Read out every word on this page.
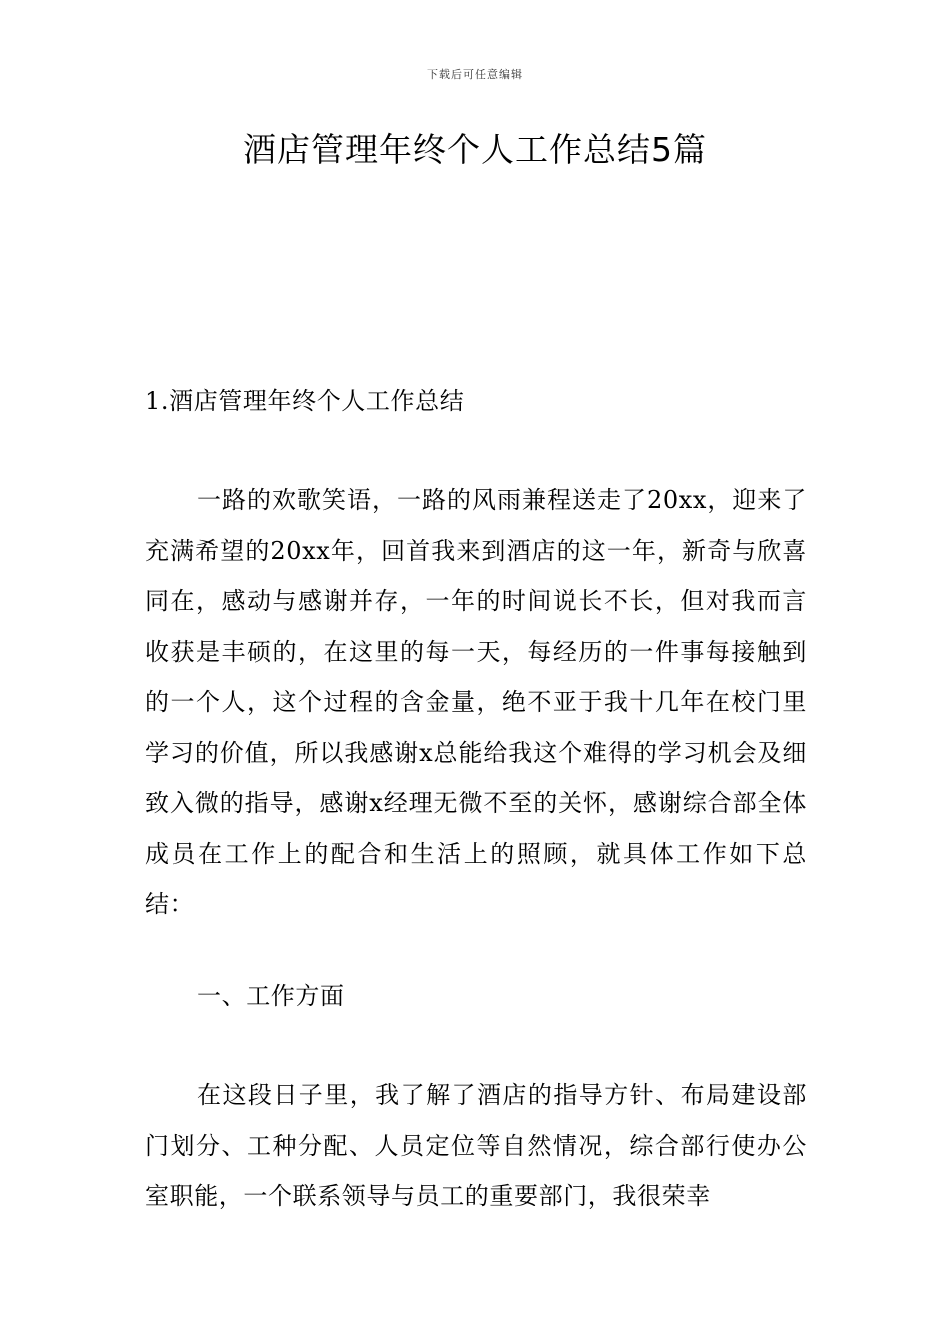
下载后可任意编辑
酒店管理年终个人工作总结5篇

1.酒店管理年终个人工作总结

一路的欢歌笑语，一路的风雨兼程送走了20xx，迎来了充满希望的20xx年，回首我来到酒店的这一年，新奇与欣喜同在，感动与感谢并存，一年的时间说长不长，但对我而言收获是丰硕的，在这里的每一天，每经历的一件事每接触到的一个人，这个过程的含金量，绝不亚于我十几年在校门里学习的价值，所以我感谢x总能给我这个难得的学习机会及细致入微的指导，感谢x经理无微不至的关怀，感谢综合部全体成员在工作上的配合和生活上的照顾，就具体工作如下总结：

一、工作方面

在这段日子里，我了解了酒店的指导方针、布局建设部门划分、工种分配、人员定位等自然情况，综合部行使办公室职能，一个联系领导与员工的重要部门，我很荣幸
